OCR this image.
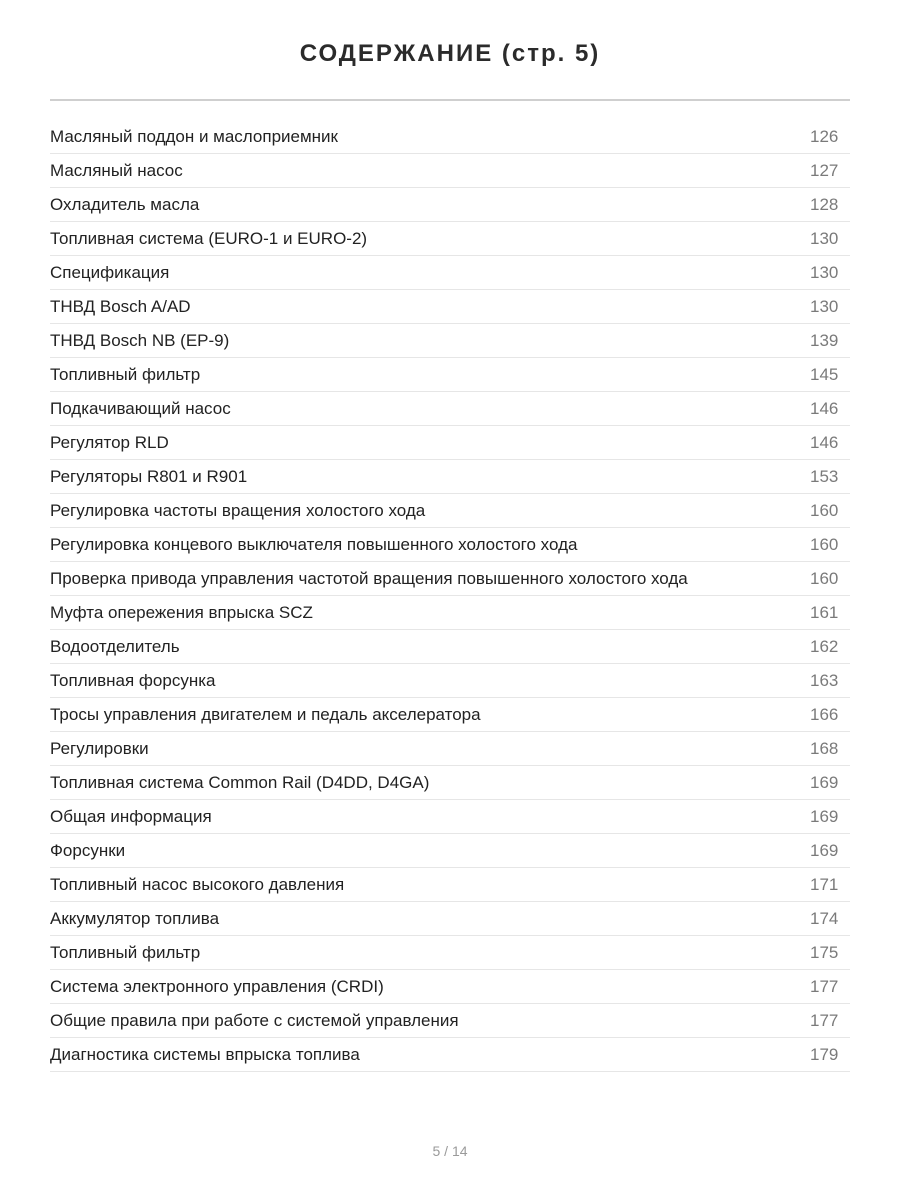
СОДЕРЖАНИЕ (стр. 5)
Масляный поддон и маслоприемник	126
Масляный насос	127
Охладитель масла	128
Топливная система (EURO-1 и EURO-2)	130
Спецификация	130
ТНВД Bosch A/AD	130
ТНВД Bosch NB (EP-9)	139
Топливный фильтр	145
Подкачивающий насос	146
Регулятор RLD	146
Регуляторы R801 и R901	153
Регулировка частоты вращения холостого хода	160
Регулировка концевого выключателя повышенного холостого хода	160
Проверка привода управления частотой вращения повышенного холостого хода	160
Муфта опережения впрыска SCZ	161
Водоотделитель	162
Топливная форсунка	163
Тросы управления двигателем и педаль акселератора	166
Регулировки	168
Топливная система Common Rail (D4DD, D4GA)	169
Общая информация	169
Форсунки	169
Топливный насос высокого давления	171
Аккумулятор топлива	174
Топливный фильтр	175
Система электронного управления (CRDI)	177
Общие правила при работе с системой управления	177
Диагностика системы впрыска топлива	179
5 / 14
